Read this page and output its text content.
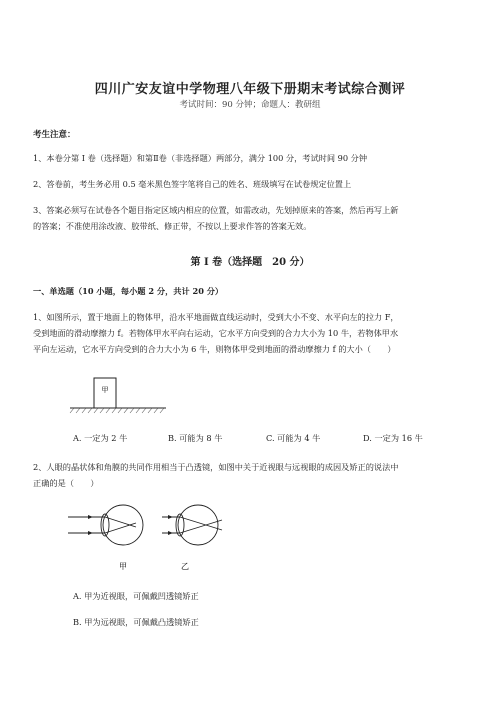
四川广安友谊中学物理八年级下册期末考试综合测评
考试时间：90 分钟；命题人：教研组
考生注意：
1、本卷分第 I 卷（选择题）和第Ⅱ卷（非选择题）两部分，满分 100 分，考试时间 90 分钟
2、答卷前，考生务必用 0.5 毫米黑色签字笔将自己的姓名、班级填写在试卷规定位置上
3、答案必须写在试卷各个题目指定区域内相应的位置，如需改动，先划掉原来的答案，然后再写上新
的答案；不准使用涂改液、胶带纸、修正带，不按以上要求作答的答案无效。
第 I 卷（选择题　20 分）
一、单选题（10 小题，每小题 2 分，共计 20 分）
1、如图所示，置于地面上的物体甲，沿水平地面做直线运动时，受到大小不变、水平向左的拉力 F，
受到地面的滑动摩擦力 f。若物体甲水平向右运动，它水平方向受到的合力大小为 10 牛，若物体甲水
平向左运动，它水平方向受到的合力大小为 6 牛，则物体甲受到地面的滑动摩擦力 f 的大小（　　）
甲
A. 一定为 2 牛	B. 可能为 8 牛	C. 可能为 4 牛	D. 一定为 16 牛
2、人眼的晶状体和角膜的共同作用相当于凸透镜，如图中关于近视眼与远视眼的成因及矫正的说法中
正确的是（　　）
甲	乙
A. 甲为近视眼，可佩戴凹透镜矫正
B. 甲为远视眼，可佩戴凸透镜矫正
